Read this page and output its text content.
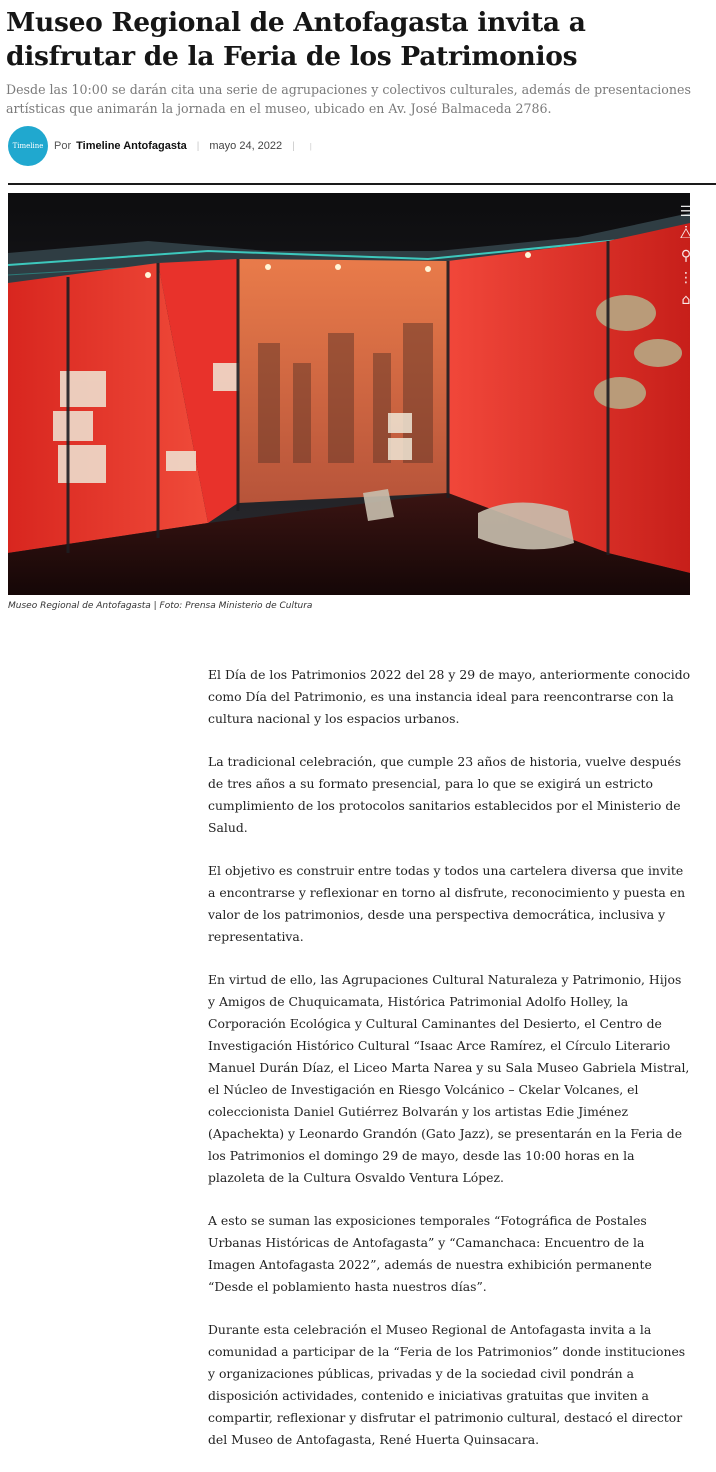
Museo Regional de Antofagasta invita a disfrutar de la Feria de los Patrimonios

Desde las 10:00 se darán cita una serie de agrupaciones y colectivos culturales, además de presentaciones artísticas que animarán la jornada en el museo, ubicado en Av. José Balmaceda 2786.

Timeline Por Timeline Antofagasta | mayo 24, 2022 | |
☰
⧊
⚲
⋮
⌂

Museo Regional de Antofagasta | Foto: Prensa Ministerio de Cultura

El Día de los Patrimonios 2022 del 28 y 29 de mayo, anteriormente conocido como Día del Patrimonio, es una instancia ideal para reencontrarse con la cultura nacional y los espacios urbanos.

La tradicional celebración, que cumple 23 años de historia, vuelve después de tres años a su formato presencial, para lo que se exigirá un estricto cumplimiento de los protocolos sanitarios establecidos por el Ministerio de Salud.

El objetivo es construir entre todas y todos una cartelera diversa que invite a encontrarse y reflexionar en torno al disfrute, reconocimiento y puesta en valor de los patrimonios, desde una perspectiva democrática, inclusiva y representativa.

En virtud de ello, las Agrupaciones Cultural Naturaleza y Patrimonio, Hijos y Amigos de Chuquicamata, Histórica Patrimonial Adolfo Holley, la Corporación Ecológica y Cultural Caminantes del Desierto, el Centro de Investigación Histórico Cultural “Isaac Arce Ramírez, el Círculo Literario Manuel Durán Díaz, el Liceo Marta Narea y su Sala Museo Gabriela Mistral, el Núcleo de Investigación en Riesgo Volcánico – Ckelar Volcanes, el coleccionista Daniel Gutiérrez Bolvarán y los artistas Edie Jiménez (Apachekta) y Leonardo Grandón (Gato Jazz), se presentarán en la Feria de los Patrimonios el domingo 29 de mayo, desde las 10:00 horas en la plazoleta de la Cultura Osvaldo Ventura López.

A esto se suman las exposiciones temporales “Fotográfica de Postales Urbanas Históricas de Antofagasta” y “Camanchaca: Encuentro de la Imagen Antofagasta 2022”, además de nuestra exhibición permanente “Desde el poblamiento hasta nuestros días”.

Durante esta celebración el Museo Regional de Antofagasta invita a la comunidad a participar de la “Feria de los Patrimonios” donde instituciones y organizaciones públicas, privadas y de la sociedad civil pondrán a disposición actividades, contenido e iniciativas gratuitas que inviten a compartir, reflexionar y disfrutar el patrimonio cultural, destacó el director del Museo de Antofagasta, René Huerta Quinsacara.
